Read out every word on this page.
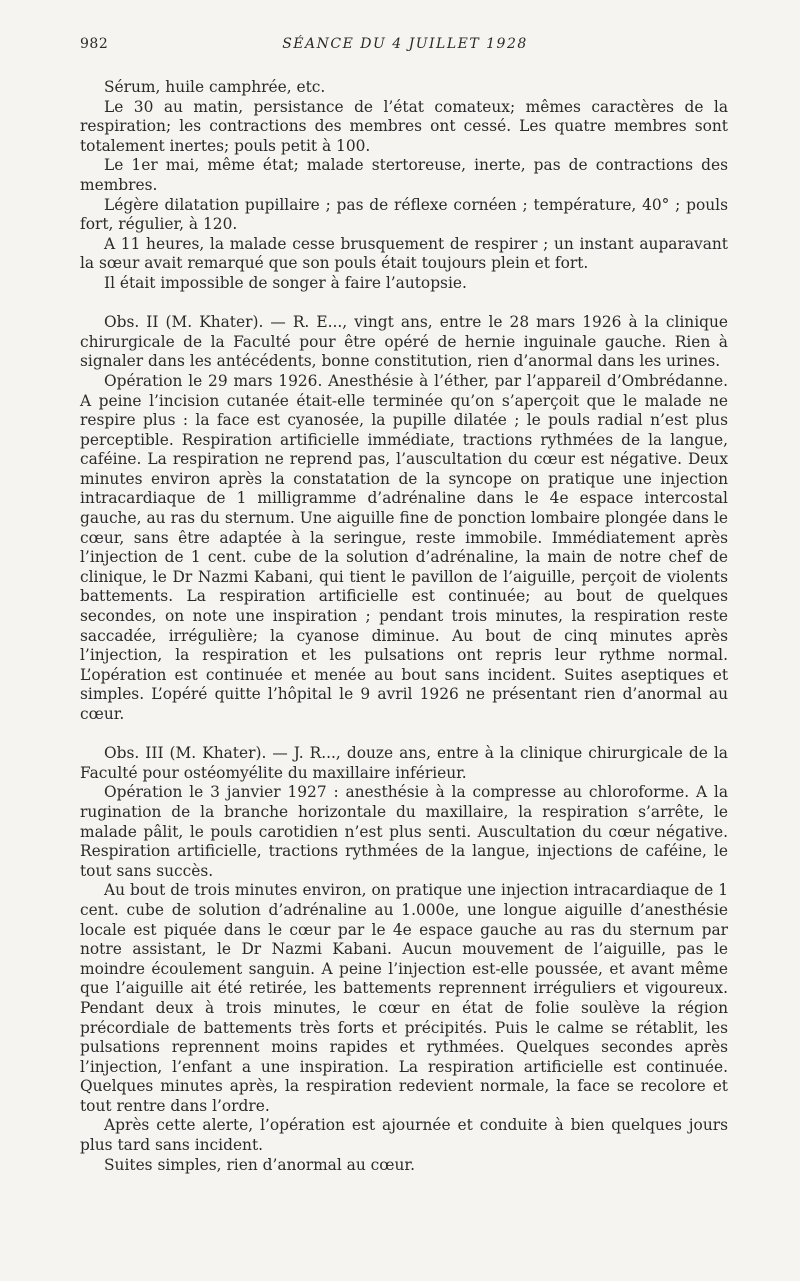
982	SÉANCE DU 4 JUILLET 1928

Sérum, huile camphrée, etc.

Le 30 au matin, persistance de l’état comateux; mêmes caractères de la respiration; les contractions des membres ont cessé. Les quatre membres sont totalement inertes; pouls petit à 100.

Le 1er mai, même état; malade stertoreuse, inerte, pas de contractions des membres.

Légère dilatation pupillaire ; pas de réflexe cornéen ; température, 40° ; pouls fort, régulier, à 120.

A 11 heures, la malade cesse brusquement de respirer ; un instant auparavant la sœur avait remarqué que son pouls était toujours plein et fort.

Il était impossible de songer à faire l’autopsie.

Obs. II (M. Khater). — R. E..., vingt ans, entre le 28 mars 1926 à la clinique chirurgicale de la Faculté pour être opéré de hernie inguinale gauche. Rien à signaler dans les antécédents, bonne constitution, rien d’anormal dans les urines.

Opération le 29 mars 1926. Anesthésie à l’éther, par l’appareil d’Ombrédanne. A peine l’incision cutanée était-elle terminée qu’on s’aperçoit que le malade ne respire plus : la face est cyanosée, la pupille dilatée ; le pouls radial n’est plus perceptible. Respiration artificielle immédiate, tractions rythmées de la langue, caféine. La respiration ne reprend pas, l’auscultation du cœur est négative. Deux minutes environ après la constatation de la syncope on pratique une injection intracardiaque de 1 milligramme d’adrénaline dans le 4e espace intercostal gauche, au ras du sternum. Une aiguille fine de ponction lombaire plongée dans le cœur, sans être adaptée à la seringue, reste immobile. Immédiatement après l’injection de 1 cent. cube de la solution d’adrénaline, la main de notre chef de clinique, le Dr Nazmi Kabani, qui tient le pavillon de l’aiguille, perçoit de violents battements. La respiration artificielle est continuée; au bout de quelques secondes, on note une inspiration ; pendant trois minutes, la respiration reste saccadée, irrégulière; la cyanose diminue. Au bout de cinq minutes après l’injection, la respiration et les pulsations ont repris leur rythme normal. L’opération est continuée et menée au bout sans incident. Suites aseptiques et simples. L’opéré quitte l’hôpital le 9 avril 1926 ne présentant rien d’anormal au cœur.

Obs. III (M. Khater). — J. R..., douze ans, entre à la clinique chirurgicale de la Faculté pour ostéomyélite du maxillaire inférieur.

Opération le 3 janvier 1927 : anesthésie à la compresse au chloroforme. A la rugination de la branche horizontale du maxillaire, la respiration s’arrête, le malade pâlit, le pouls carotidien n’est plus senti. Auscultation du cœur négative. Respiration artificielle, tractions rythmées de la langue, injections de caféine, le tout sans succès.

Au bout de trois minutes environ, on pratique une injection intracardiaque de 1 cent. cube de solution d’adrénaline au 1.000e, une longue aiguille d’anesthésie locale est piquée dans le cœur par le 4e espace gauche au ras du sternum par notre assistant, le Dr Nazmi Kabani. Aucun mouvement de l’aiguille, pas le moindre écoulement sanguin. A peine l’injection est-elle poussée, et avant même que l’aiguille ait été retirée, les battements reprennent irréguliers et vigoureux. Pendant deux à trois minutes, le cœur en état de folie soulève la région précordiale de battements très forts et précipités. Puis le calme se rétablit, les pulsations reprennent moins rapides et rythmées. Quelques secondes après l’injection, l’enfant a une inspiration. La respiration artificielle est continuée. Quelques minutes après, la respiration redevient normale, la face se recolore et tout rentre dans l’ordre.

Après cette alerte, l’opération est ajournée et conduite à bien quelques jours plus tard sans incident.

Suites simples, rien d’anormal au cœur.
